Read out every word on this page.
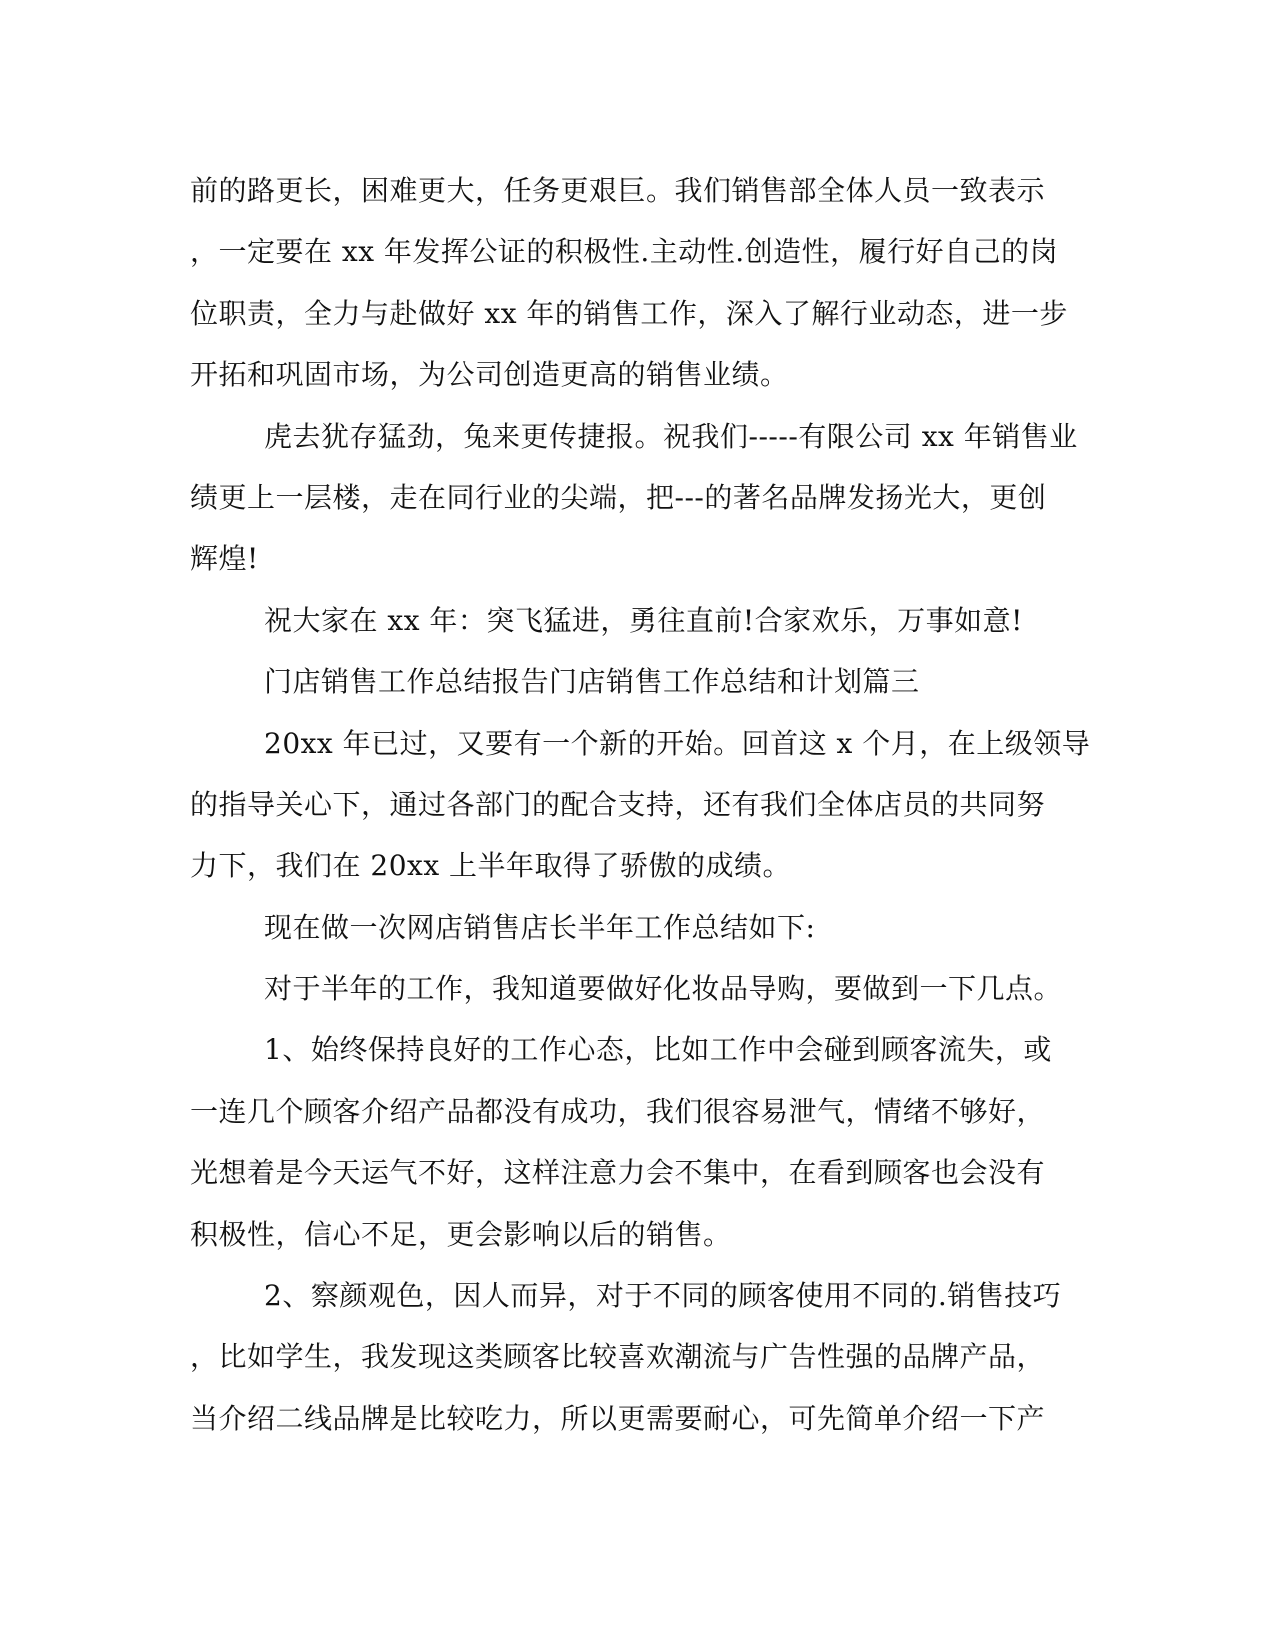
前的路更长，困难更大，任务更艰巨。我们销售部全体人员一致表示
，一定要在 xx 年发挥公证的积极性.主动性.创造性，履行好自己的岗
位职责，全力与赴做好 xx 年的销售工作，深入了解行业动态，进一步
开拓和巩固市场，为公司创造更高的销售业绩。
虎去犹存猛劲，兔来更传捷报。祝我们-----有限公司 xx 年销售业
绩更上一层楼，走在同行业的尖端，把---的著名品牌发扬光大，更创
辉煌!
祝大家在 xx 年：突飞猛进，勇往直前!合家欢乐，万事如意!
门店销售工作总结报告门店销售工作总结和计划篇三
20xx 年已过，又要有一个新的开始。回首这 x 个月，在上级领导
的指导关心下，通过各部门的配合支持，还有我们全体店员的共同努
力下，我们在 20xx 上半年取得了骄傲的成绩。
现在做一次网店销售店长半年工作总结如下:
对于半年的工作，我知道要做好化妆品导购，要做到一下几点。
1、始终保持良好的工作心态，比如工作中会碰到顾客流失，或
一连几个顾客介绍产品都没有成功，我们很容易泄气，情绪不够好，
光想着是今天运气不好，这样注意力会不集中，在看到顾客也会没有
积极性，信心不足，更会影响以后的销售。
2、察颜观色，因人而异，对于不同的顾客使用不同的.销售技巧
，比如学生，我发现这类顾客比较喜欢潮流与广告性强的品牌产品，
当介绍二线品牌是比较吃力，所以更需要耐心，可先简单介绍一下产
